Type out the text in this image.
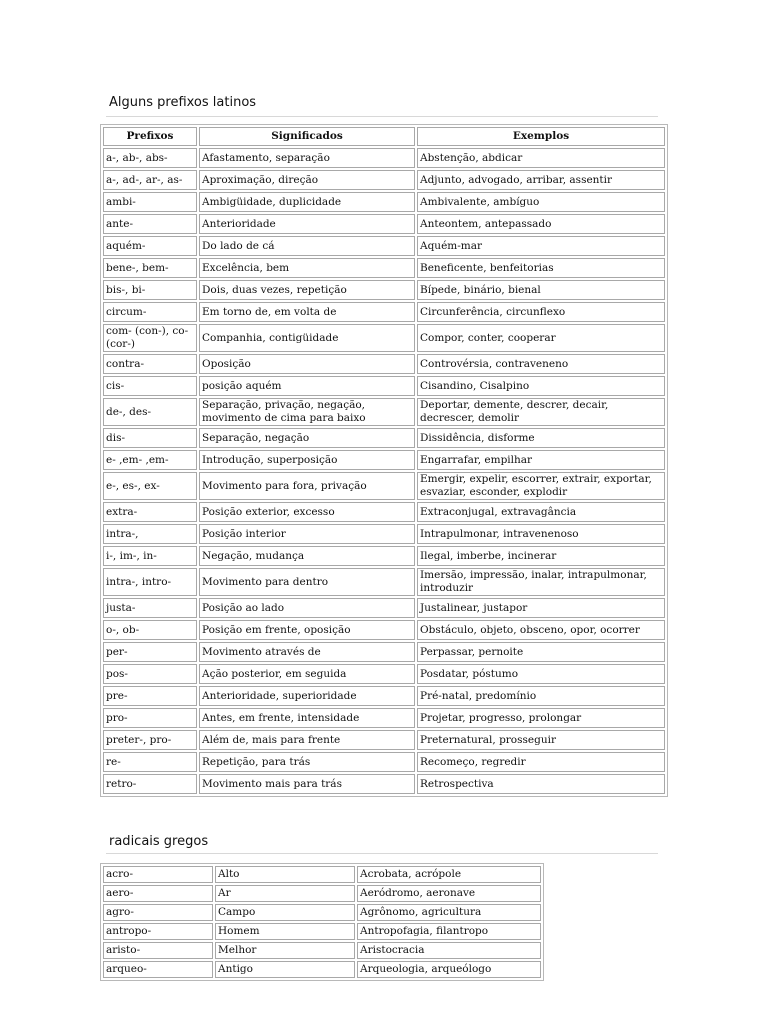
Alguns prefixos latinos
Prefixos	Significados	Exemplos
a-, ab-, abs-	Afastamento, separação	Abstenção, abdicar
a-, ad-, ar-, as-	Aproximação, direção	Adjunto, advogado, arribar, assentir
ambi-	Ambigüidade, duplicidade	Ambivalente, ambíguo
ante-	Anterioridade	Anteontem, antepassado
aquém-	Do lado de cá	Aquém-mar
bene-, bem-	Excelência, bem	Beneficente, benfeitorias
bis-, bi-	Dois, duas vezes, repetição	Bípede, binário, bienal
circum-	Em torno de, em volta de	Circunferência, circunflexo
com- (con-), co- (cor-)	Companhia, contigüidade	Compor, conter, cooperar
contra-	Oposição	Controvérsia, contraveneno
cis-	posição aquém	Cisandino, Cisalpino
de-, des-	Separação, privação, negação, movimento de cima para baixo	Deportar, demente, descrer, decair, decrescer, demolir
dis-	Separação, negação	Dissidência, disforme
e- ,em- ,em-	Introdução, superposição	Engarrafar, empilhar
e-, es-, ex-	Movimento para fora, privação	Emergir, expelir, escorrer, extrair, exportar, esvaziar, esconder, explodir
extra-	Posição exterior, excesso	Extraconjugal, extravagância
intra-,	Posição interior	Intrapulmonar, intravenenoso
i-, im-, in-	Negação, mudança	Ilegal, imberbe, incinerar
intra-, intro-	Movimento para dentro	Imersão, impressão, inalar, intrapulmonar, introduzir
justa-	Posição ao lado	Justalinear, justapor
o-, ob-	Posição em frente, oposição	Obstáculo, objeto, obsceno, opor, ocorrer
per-	Movimento através de	Perpassar, pernoite
pos-	Ação posterior, em seguida	Posdatar, póstumo
pre-	Anterioridade, superioridade	Pré-natal, predomínio
pro-	Antes, em frente, intensidade	Projetar, progresso, prolongar
preter-, pro-	Além de, mais para frente	Preternatural, prosseguir
re-	Repetição, para trás	Recomeço, regredir
retro-	Movimento mais para trás	Retrospectiva
radicais gregos
acro-	Alto	Acrobata, acrópole
aero-	Ar	Aeródromo, aeronave
agro-	Campo	Agrônomo, agricultura
antropo-	Homem	Antropofagia, filantropo
aristo-	Melhor	Aristocracia
arqueo-	Antigo	Arqueologia, arqueólogo
